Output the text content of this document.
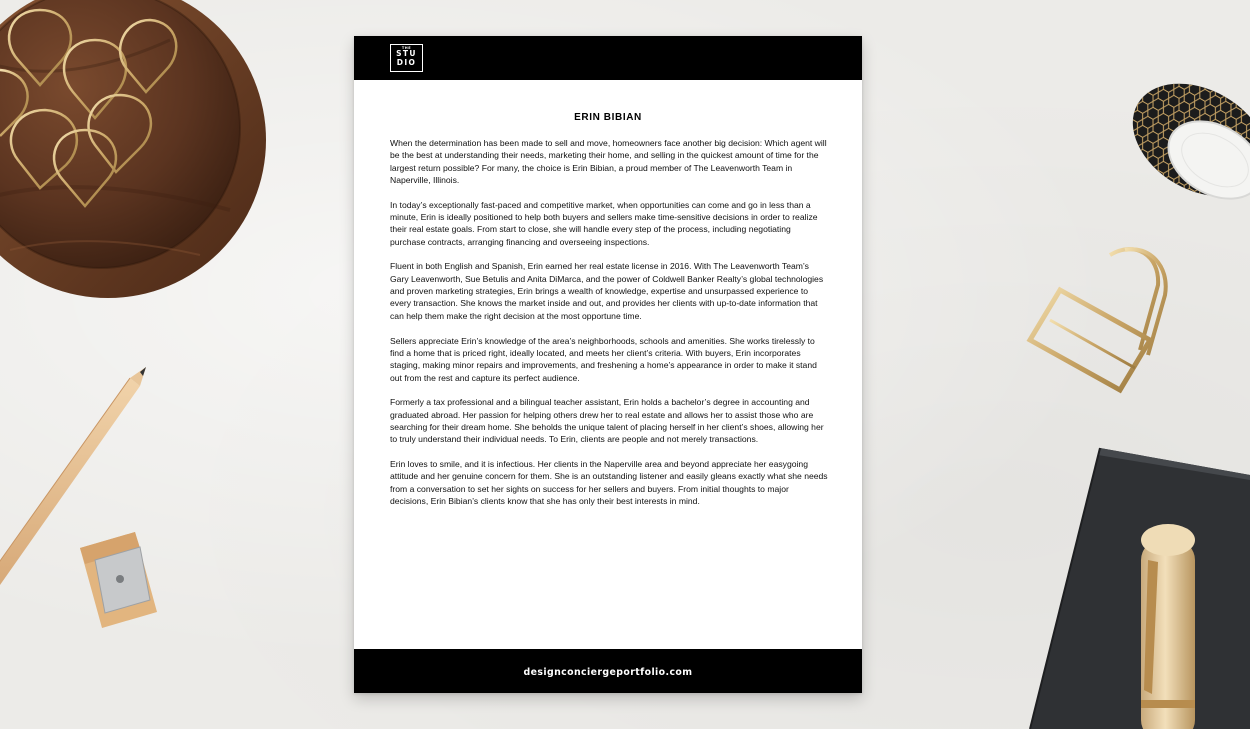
THE
STU
DIO
ERIN BIBIAN

When the determination has been made to sell and move, homeowners face another big decision: Which agent will be the best at understanding their needs, marketing their home, and selling in the quickest amount of time for the largest return possible? For many, the choice is Erin Bibian, a proud member of The Leavenworth Team in Naperville, Illinois.

In today’s exceptionally fast-paced and competitive market, when opportunities can come and go in less than a minute, Erin is ideally positioned to help both buyers and sellers make time-sensitive decisions in order to realize their real estate goals. From start to close, she will handle every step of the process, including negotiating purchase contracts, arranging financing and overseeing inspections.

Fluent in both English and Spanish, Erin earned her real estate license in 2016. With The Leavenworth Team’s Gary Leavenworth, Sue Betulis and Anita DiMarca, and the power of Coldwell Banker Realty’s global technologies and proven marketing strategies, Erin brings a wealth of knowledge, expertise and unsurpassed experience to every transaction. She knows the market inside and out, and provides her clients with up-to-date information that can help them make the right decision at the most opportune time.

Sellers appreciate Erin’s knowledge of the area’s neighborhoods, schools and amenities. She works tirelessly to find a home that is priced right, ideally located, and meets her client’s criteria. With buyers, Erin incorporates staging, making minor repairs and improvements, and freshening a home’s appearance in order to make it stand out from the rest and capture its perfect audience.

Formerly a tax professional and a bilingual teacher assistant, Erin holds a bachelor’s degree in accounting and graduated abroad. Her passion for helping others drew her to real estate and allows her to assist those who are searching for their dream home. She beholds the unique talent of placing herself in her client’s shoes, allowing her to truly understand their individual needs. To Erin, clients are people and not merely transactions.

Erin loves to smile, and it is infectious. Her clients in the Naperville area and beyond appreciate her easygoing attitude and her genuine concern for them. She is an outstanding listener and easily gleans exactly what she needs from a conversation to set her sights on success for her sellers and buyers. From initial thoughts to major decisions, Erin Bibian’s clients know that she has only their best interests in mind.

designconciergeportfolio.com
